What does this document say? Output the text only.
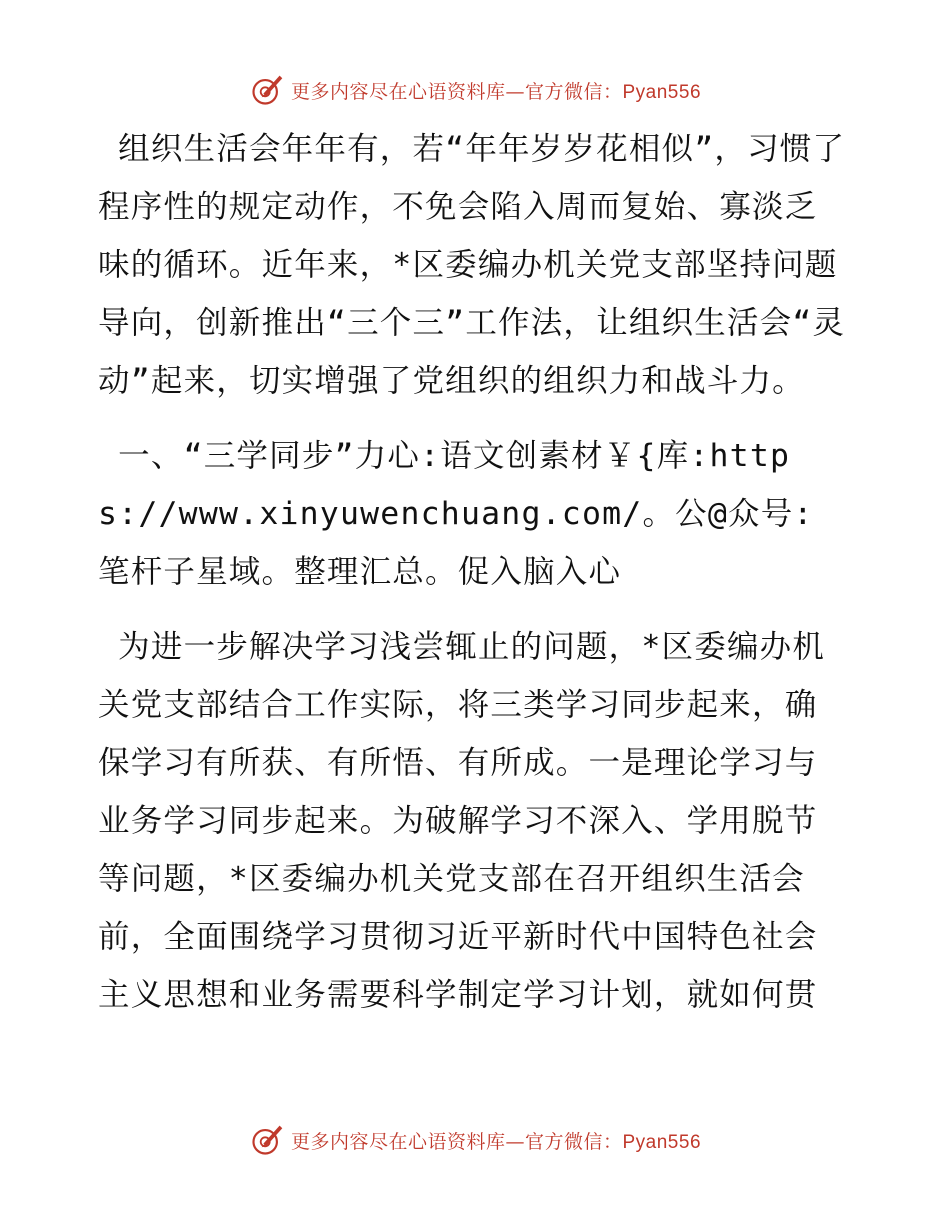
更多内容尽在心语资料库—官方微信：Pyan556

组织生活会年年有，若“年年岁岁花相似”，习惯了程序性的规定动作，不免会陷入周而复始、寡淡乏味的循环。近年来，*区委编办机关党支部坚持问题导向，创新推出“三个三”工作法，让组织生活会“灵动”起来，切实增强了党组织的组织力和战斗力。

一、“三学同步”力心:语文创素材￥{库:https://www.xinyuwenchuang.com/。公@众号: 笔杆子星域。整理汇总。促入脑入心

为进一步解决学习浅尝辄止的问题，*区委编办机关党支部结合工作实际，将三类学习同步起来，确保学习有所获、有所悟、有所成。一是理论学习与业务学习同步起来。为破解学习不深入、学用脱节等问题，*区委编办机关党支部在召开组织生活会前，全面围绕学习贯彻习近平新时代中国特色社会主义思想和业务需要科学制定学习计划，就如何贯

更多内容尽在心语资料库—官方微信：Pyan556
